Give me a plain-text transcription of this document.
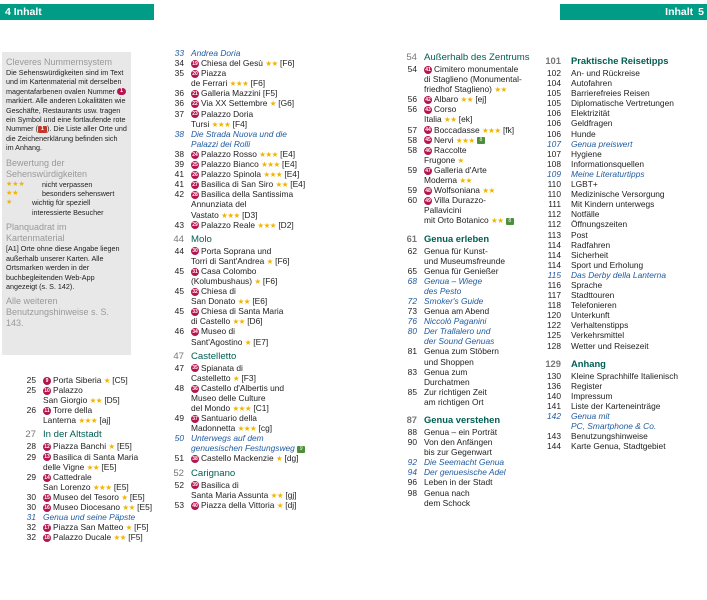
4 Inhalt	Inhalt 5
Cleveres Nummernsystem
Die Sehenswürdigkeiten sind im Text und im Kartenmaterial mit derselben magentafarbenen ovalen Nummer 1 markiert. Alle anderen Lokalitäten wie Geschäfte, Restaurants usw. tragen ein Symbol und eine fortlaufende rote Nummer ( 1 ). Die Liste aller Orte und die Zeichenerklärung befinden sich im Anhang.
Bewertung der Sehenswürdigkeiten
★★★	nicht verpassen
★★	besonders sehenswert
★	wichtig für speziell interessierte Besucher
Planquadrat im Kartenmaterial
[A1] Orte ohne diese Angabe liegen außerhalb unserer Karten. Alle Ortsmarken werden in der buchbegleitenden Web-App angezeigt (s. S. 142).
Alle weiteren Benutzungshinweise s. S. 143.
25	9 Porta Siberia ★ [C5]
25	10 Palazzo
San Giorgio ★★ [D5]
26	11 Torre della
Lanterna ★★★ [aj]
27 In der Altstadt
28	12 Piazza Banchi ★ [E5]
29	13 Basilica di Santa Maria
delle Vigne ★★ [E5]
29	14 Cattedrale
San Lorenzo ★★★ [E5]
30	15 Museo del Tesoro ★ [E5]
30	16 Museo Diocesano ★★ [E5]
31 Genua und seine Päpste
32	17 Piazza San Matteo ★ [F5]
32	18 Palazzo Ducale ★★ [F5]
33 Andrea Doria
34	19 Chiesa del Gesù ★★ [F6]
35	20 Piazza
de Ferrari ★★★ [F6]
36	21 Galleria Mazzini [F5]
36	22 Via XX Settembre ★ [G6]
37	23 Palazzo Doria
Tursi ★★★ [F4]
38 Die Strada Nuova und die
Palazzi dei Rolli
38	24 Palazzo Rosso ★★★ [E4]
39	25 Palazzo Bianco ★★★ [E4]
41	26 Palazzo Spinola ★★★ [E4]
41	27 Basilica di San Siro ★★ [E4]
42	28 Basilica della Santissima
Annunziata del
Vastato ★★★ [D3]
43	29 Palazzo Reale ★★★ [D2]
44 Molo
44	30 Porta Soprana und
Torri di Sant'Andrea ★ [F6]
45	31 Casa Colombo
(Kolumbushaus) ★ [F6]
45	32 Chiesa di
San Donato ★★ [E6]
45	33 Chiesa di Santa Maria
di Castello ★★ [D6]
46	34 Museo di
Sant'Agostino ★ [E7]
47 Castelletto
47	35 Spianata di
Castelletto ★ [F3]
48	36 Castello d'Albertis und
Museo delle Culture
del Mondo ★★★ [C1]
49	37 Santuario della
Madonnetta ★★★ [cg]
50 Unterwegs auf dem
genuesischen Festungsweg 9
51	38 Castello Mackenzie ★ [dg]
52 Carignano
52	39 Basilica di
Santa Maria Assunta ★★ [gj]
53	40 Piazza della Vittoria ★ [dj]
54 Außerhalb des Zentrums
54	41 Cimitero monumentale
di Staglieno (Monumental-
friedhof Staglieno) ★★
56	42 Albaro ★★ [ej]
56	43 Corso
Italia ★★ [ek]
57	44 Boccadasse ★★★ [fk]
58	45 Nervi ★★★ 8
58	46 Raccolte
Frugone ★
59	47 Galleria d'Arte
Moderna ★★
59	48 Wolfsoniana ★★
60	49 Villa Durazzo-
Pallavicini
mit Orto Botanico ★★ 8
61 Genua erleben
62 Genua für Kunst-
und Museumsfreunde
65 Genua für Genießer
68 Genua – Wiege
des Pesto
72 Smoker's Guide
73 Genua am Abend
76 Niccolò Paganini
80 Der Trallalero und
der Sound Genuas
81 Genua zum Stöbern
und Shoppen
83 Genua zum
Durchatmen
85 Zur richtigen Zeit
am richtigen Ort
87 Genua verstehen
88 Genua – ein Porträt
90 Von den Anfängen
bis zur Gegenwart
92 Die Seemacht Genua
94 Der genuesische Adel
96 Leben in der Stadt
98 Genua nach
dem Schock
101	Praktische Reisetipps
102	An- und Rückreise
104	Autofahren
105	Barrierefreies Reisen
105	Diplomatische Vertretungen
106	Elektrizität
106	Geldfragen
106	Hunde
107	Genua preiswert
107	Hygiene
108	Informationsquellen
109	Meine Literaturtipps
110	LGBT+
110	Medizinische Versorgung
111	Mit Kindern unterwegs
112	Notfälle
112	Öffnungszeiten
113	Post
114	Radfahren
114	Sicherheit
114	Sport und Erholung
115	Das Derby della Lanterna
116	Sprache
117	Stadttouren
118	Telefonieren
120	Unterkunft
122	Verhaltenstipps
125	Verkehrsmittel
128	Wetter und Reisezeit
129	Anhang
130	Kleine Sprachhilfe Italienisch
136	Register
140	Impressum
141	Liste der Karteneinträge
142	Genua mit
PC, Smartphone & Co.
143	Benutzungshinweise
144	Karte Genua, Stadtgebiet
